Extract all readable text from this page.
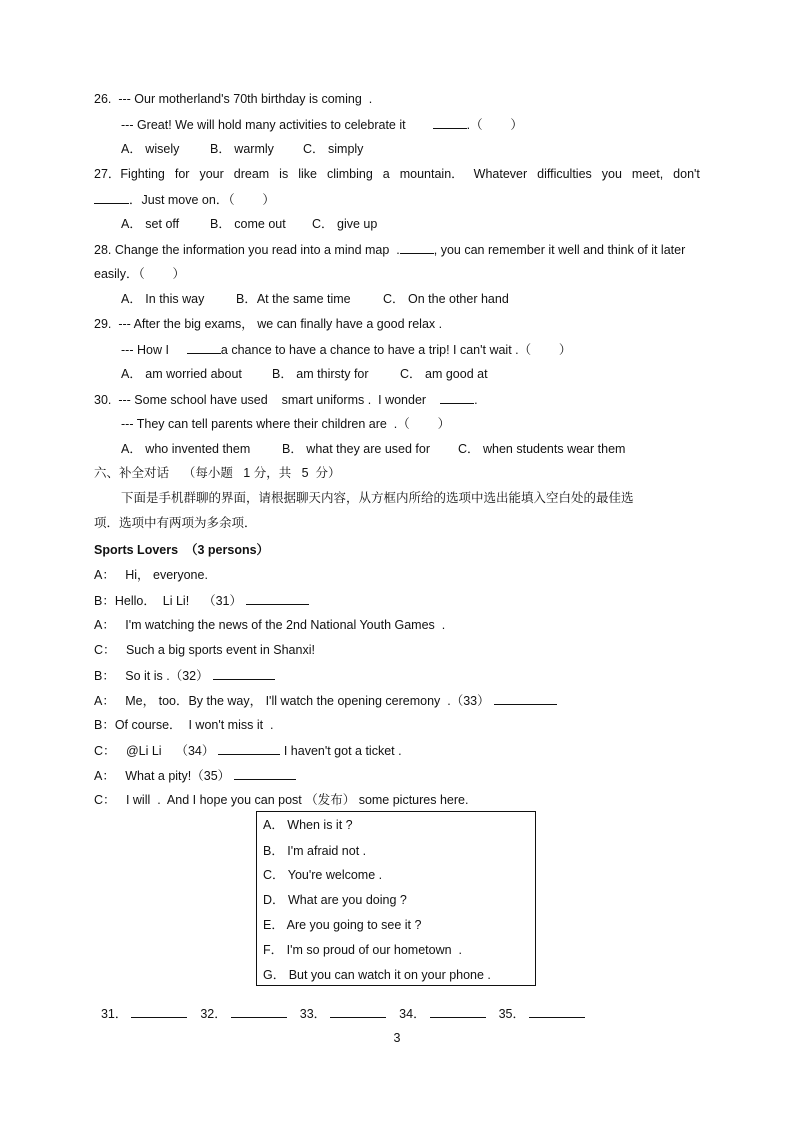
26.  --- Our motherland's 70th birthday is coming  .
--- Great! We will hold many activities to celebrate it	.（        ）
A． wisely B． warmly C． simply
27．Fighting for your dream is like climbing a mountain． Whatever difficulties you meet, don't
．Just move on．（        ）
A． set off B． come out C． give up
28. Change the information you read into a mind map  .	, you can remember it well and think of it later
easily．（        ）
A． In this way	B．At the same time	C． On the other hand
29.  --- After the big exams， we can finally have a good relax .
--- How I	a chance to have a chance to have a trip! I can't wait .（        ）
A． am worried about B． am thirsty for	C． am good at
30.  --- Some school have used    smart uniforms .  I wonder	.
--- They can tell parents where their children are  .（        ）
A． who invented them	B． what they are used for C． when students wear them
六、补全对话    （每小题   1 分，共   5  分）
下面是手机群聊的界面，请根据聊天内容，从方框内所给的选项中选出能填入空白处的最佳选
项．选项中有两项为多余项．
Sports Lovers  （3 persons）
A：   Hi， everyone.
B：Hello．  Li Li!    （31）
A：   I'm watching the news of the 2nd National Youth Games  .
C：   Such a big sports event in Shanxi!
B：   So it is .（32）
A：   Me， too．By the way， I'll watch the opening ceremony  .（33）
B：Of course．  I won't miss it  .
C：   @Li Li    （34）	I haven't got a ticket .
A：   What a pity!（35）
C：   I will  .  And I hope you can post （发布） some pictures here.
A． When is it ?
B． I'm afraid not .
C． You're welcome .
D． What are you doing ?
E． Are you going to see it ?
F． I'm so proud of our hometown  .
G． But you can watch it on your phone .

31．	32．	33．	34．	35．

3
